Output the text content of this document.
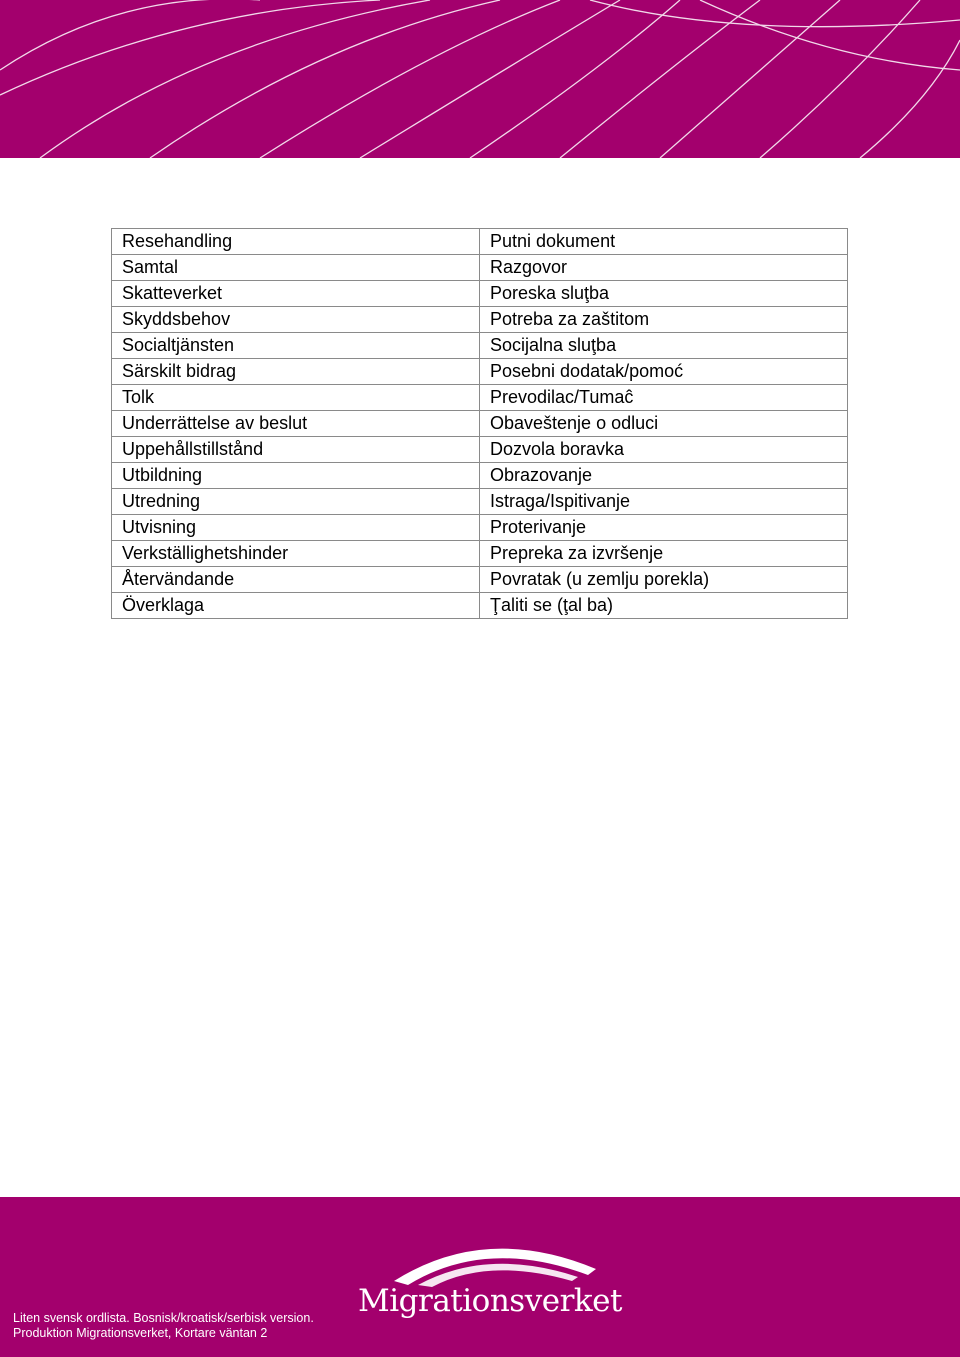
Resehandling	Putni dokument
Samtal	Razgovor
Skatteverket	Poreska sluţba
Skyddsbehov	Potreba za zaštitom
Socialtjänsten	Socijalna sluţba
Särskilt bidrag	Posebni dodatak/pomoć
Tolk	Prevodilac/Tumaĉ
Underrättelse av beslut	Obaveštenje o odluci
Uppehållstillstånd	Dozvola boravka
Utbildning	Obrazovanje
Utredning	Istraga/Ispitivanje
Utvisning	Proterivanje
Verkställighetshinder	Prepreka za izvršenje
Återvändande	Povratak (u zemlju porekla)
Överklaga	Ţaliti se (ţal ba)
Migrationsverket
Liten svensk ordlista. Bosnisk/kroatisk/serbisk version.
Produktion Migrationsverket, Kortare väntan 2
